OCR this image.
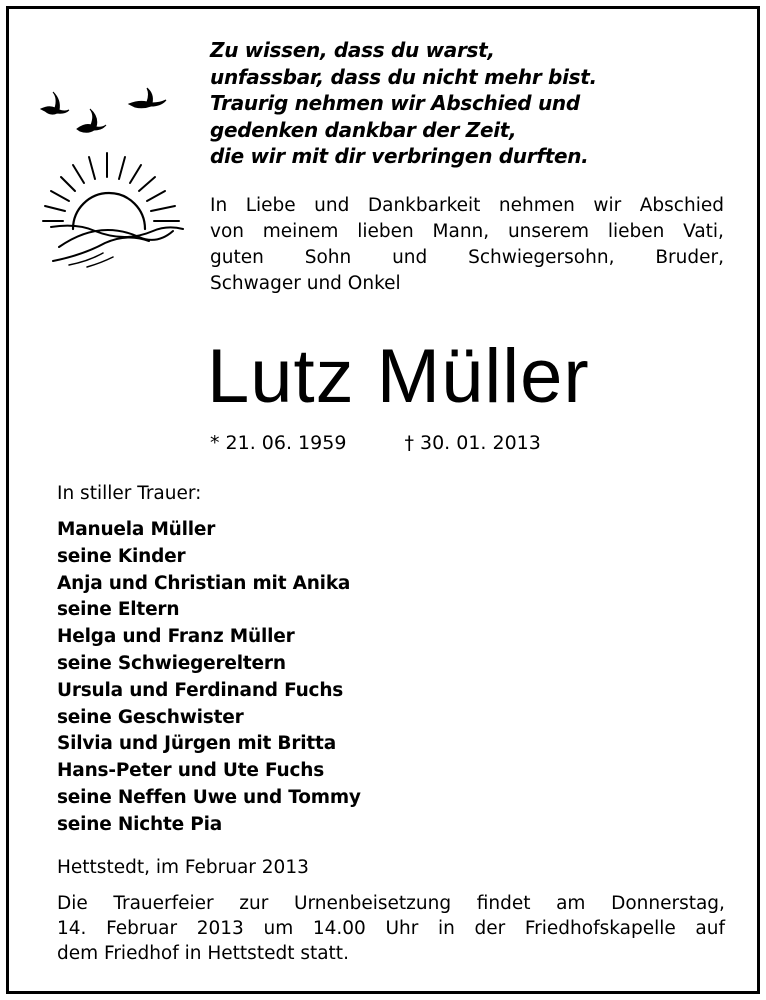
Zu wissen, dass du warst,
unfassbar, dass du nicht mehr bist.
Traurig nehmen wir Abschied und
gedenken dankbar der Zeit,
die wir mit dir verbringen durften.
In Liebe und Dankbarkeit nehmen wir Abschied
von meinem lieben Mann, unserem lieben Vati,
guten Sohn und Schwiegersohn, Bruder,
Schwager und Onkel
Lutz Müller
* 21. 06. 1959	† 30. 01. 2013
In stiller Trauer:
Manuela Müller
seine Kinder
Anja und Christian mit Anika
seine Eltern
Helga und Franz Müller
seine Schwiegereltern
Ursula und Ferdinand Fuchs
seine Geschwister
Silvia und Jürgen mit Britta
Hans-Peter und Ute Fuchs
seine Neffen Uwe und Tommy
seine Nichte Pia
Hettstedt, im Februar 2013
Die Trauerfeier zur Urnenbeisetzung findet am Donnerstag,
14. Februar 2013 um 14.00 Uhr in der Friedhofskapelle auf
dem Friedhof in Hettstedt statt.
